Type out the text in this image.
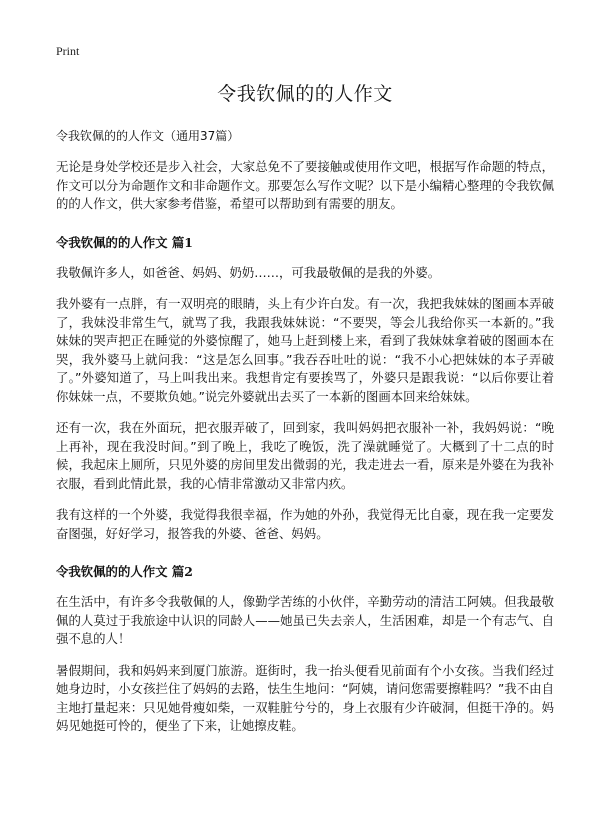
Print
令我钦佩的的人作文
令我钦佩的的人作文（通用37篇）

无论是身处学校还是步入社会，大家总免不了要接触或使用作文吧，根据写作命题的特点，作文可以分为命题作文和非命题作文。那要怎么写作文呢？以下是小编精心整理的令我钦佩的的人作文，供大家参考借鉴，希望可以帮助到有需要的朋友。

令我钦佩的的人作文 篇1

我敬佩许多人，如爸爸、妈妈、奶奶……，可我最敬佩的是我的外婆。

我外婆有一点胖，有一双明亮的眼睛，头上有少许白发。有一次，我把我妹妹的图画本弄破了，我妹没非常生气，就骂了我，我跟我妹妹说：“不要哭，等会儿我给你买一本新的。”我妹妹的哭声把正在睡觉的外婆惊醒了，她马上赶到楼上来，看到了我妹妹拿着破的图画本在哭，我外婆马上就问我：“这是怎么回事。”我吞吞吐吐的说：“我不小心把妹妹的本子弄破了。”外婆知道了，马上叫我出来。我想肯定有要挨骂了，外婆只是跟我说：“以后你要让着你妹妹一点，不要欺负她。”说完外婆就出去买了一本新的图画本回来给妹妹。

还有一次，我在外面玩，把衣服弄破了，回到家，我叫妈妈把衣服补一补，我妈妈说：“晚上再补，现在我没时间。”到了晚上，我吃了晚饭，洗了澡就睡觉了。大概到了十二点的时候，我起床上厕所，只见外婆的房间里发出微弱的光，我走进去一看，原来是外婆在为我补衣服，看到此情此景，我的心情非常激动又非常内疚。

我有这样的一个外婆，我觉得我很幸福，作为她的外孙，我觉得无比自豪，现在我一定要发奋图强，好好学习，报答我的外婆、爸爸、妈妈。

令我钦佩的的人作文 篇2

在生活中，有许多令我敬佩的人，像勤学苦练的小伙伴，辛勤劳动的清洁工阿姨。但我最敬佩的人莫过于我旅途中认识的同龄人——她虽已失去亲人，生活困难，却是一个有志气、自强不息的人！

暑假期间，我和妈妈来到厦门旅游。逛街时，我一抬头便看见前面有个小女孩。当我们经过她身边时，小女孩拦住了妈妈的去路，怯生生地问：“阿姨，请问您需要擦鞋吗？”我不由自主地打量起来：只见她骨瘦如柴，一双鞋脏兮兮的，身上衣服有少许破洞，但挺干净的。妈妈见她挺可怜的，便坐了下来，让她擦皮鞋。
